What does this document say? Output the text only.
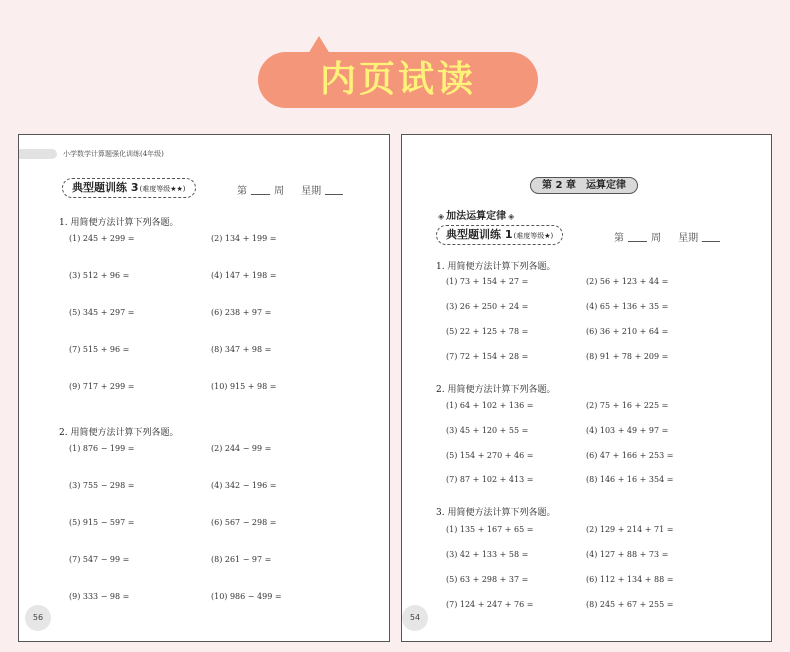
内页试读
小学数学计算题强化训练(4年级)
典型题训练 3(难度等级★★)	第	周 星期
1. 用简便方法计算下列各题。
(1) 245 + 299 =	(2) 134 + 199 =
(3) 512 + 96 =	(4) 147 + 198 =
(5) 345 + 297 =	(6) 238 + 97 =
(7) 515 + 96 =	(8) 347 + 98 =
(9) 717 + 299 =	(10) 915 + 98 =
2. 用简便方法计算下列各题。
(1) 876 − 199 =	(2) 244 − 99 =
(3) 755 − 298 =	(4) 342 − 196 =
(5) 915 − 597 =	(6) 567 − 298 =
(7) 547 − 99 =	(8) 261 − 97 =
(9) 333 − 98 =	(10) 986 − 499 =
56
第 2 章　运算定律
◈ 加法运算定律 ◈
典型题训练 1(难度等级★)	第	周 星期
1. 用简便方法计算下列各题。
(1) 73 + 154 + 27 =	(2) 56 + 123 + 44 =
(3) 26 + 250 + 24 =	(4) 65 + 136 + 35 =
(5) 22 + 125 + 78 =	(6) 36 + 210 + 64 =
(7) 72 + 154 + 28 =	(8) 91 + 78 + 209 =
2. 用简便方法计算下列各题。
(1) 64 + 102 + 136 =	(2) 75 + 16 + 225 =
(3) 45 + 120 + 55 =	(4) 103 + 49 + 97 =
(5) 154 + 270 + 46 =	(6) 47 + 166 + 253 =
(7) 87 + 102 + 413 =	(8) 146 + 16 + 354 =
3. 用简便方法计算下列各题。
(1) 135 + 167 + 65 =	(2) 129 + 214 + 71 =
(3) 42 + 133 + 58 =	(4) 127 + 88 + 73 =
(5) 63 + 298 + 37 =	(6) 112 + 134 + 88 =
(7) 124 + 247 + 76 =	(8) 245 + 67 + 255 =
54
